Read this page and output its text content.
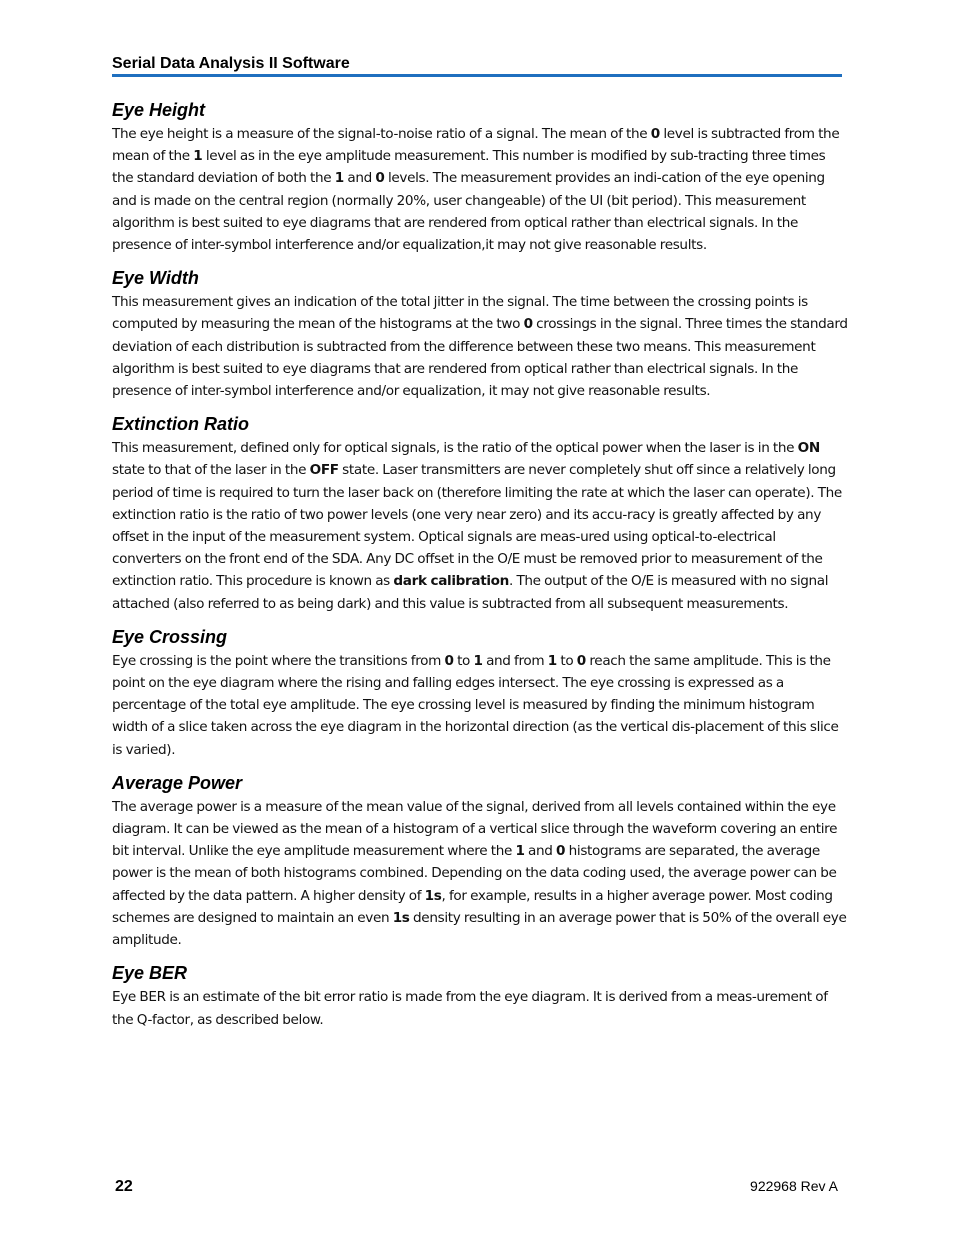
Serial Data Analysis II Software
Eye Height

The eye height is a measure of the signal-to-noise ratio of a signal. The mean of the 0 level is subtracted from the mean of the 1 level as in the eye amplitude measurement. This number is modified by sub-tracting three times the standard deviation of both the 1 and 0 levels. The measurement provides an indi-cation of the eye opening and is made on the central region (normally 20%, user changeable) of the UI (bit period). This measurement algorithm is best suited to eye diagrams that are rendered from optical rather than electrical signals. In the presence of inter-symbol interference and/or equalization,it may not give reasonable results.

Eye Width

This measurement gives an indication of the total jitter in the signal. The time between the crossing points is computed by measuring the mean of the histograms at the two 0 crossings in the signal. Three times the standard deviation of each distribution is subtracted from the difference between these two means. This measurement algorithm is best suited to eye diagrams that are rendered from optical rather than electrical signals. In the presence of inter-symbol interference and/or equalization, it may not give reasonable results.

Extinction Ratio

This measurement, defined only for optical signals, is the ratio of the optical power when the laser is in the ON state to that of the laser in the OFF state. Laser transmitters are never completely shut off since a relatively long period of time is required to turn the laser back on (therefore limiting the rate at which the laser can operate). The extinction ratio is the ratio of two power levels (one very near zero) and its accu-racy is greatly affected by any offset in the input of the measurement system. Optical signals are meas-ured using optical-to-electrical converters on the front end of the SDA. Any DC offset in the O/E must be removed prior to measurement of the extinction ratio. This procedure is known as dark calibration. The output of the O/E is measured with no signal attached (also referred to as being dark) and this value is subtracted from all subsequent measurements.

Eye Crossing

Eye crossing is the point where the transitions from 0 to 1 and from 1 to 0 reach the same amplitude. This is the point on the eye diagram where the rising and falling edges intersect. The eye crossing is expressed as a percentage of the total eye amplitude. The eye crossing level is measured by finding the minimum histogram width of a slice taken across the eye diagram in the horizontal direction (as the vertical dis-placement of this slice is varied).

Average Power

The average power is a measure of the mean value of the signal, derived from all levels contained within the eye diagram. It can be viewed as the mean of a histogram of a vertical slice through the waveform covering an entire bit interval. Unlike the eye amplitude measurement where the 1 and 0 histograms are separated, the average power is the mean of both histograms combined. Depending on the data coding used, the average power can be affected by the data pattern. A higher density of 1s, for example, results in a higher average power. Most coding schemes are designed to maintain an even 1s density resulting in an average power that is 50% of the overall eye amplitude.

Eye BER

Eye BER is an estimate of the bit error ratio is made from the eye diagram. It is derived from a meas-urement of the Q-factor, as described below.

22	922968 Rev A
